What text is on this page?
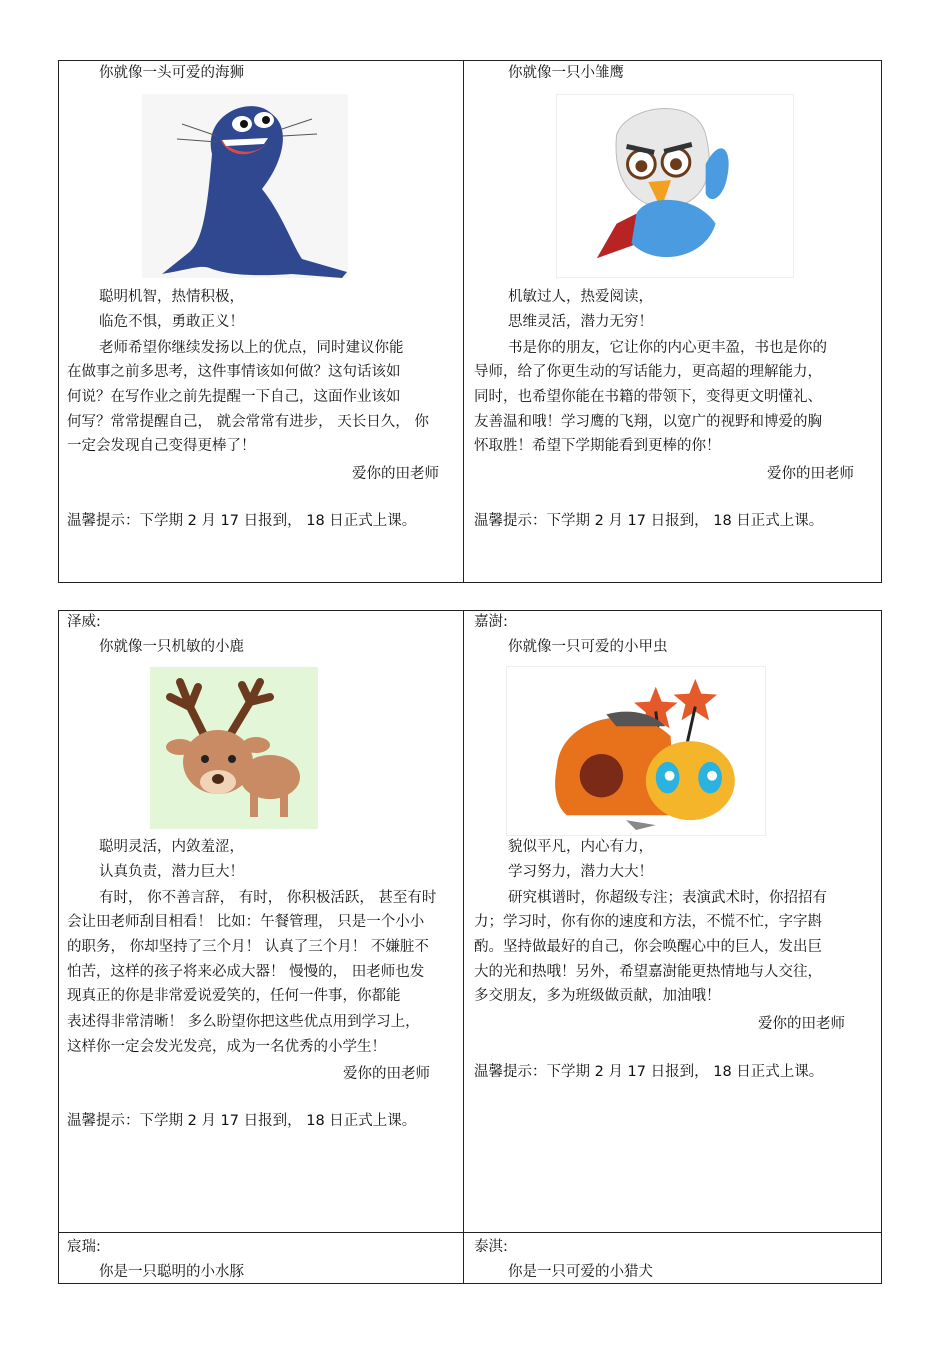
你就像一头可爱的海狮
聪明机智，热情积极，
临危不惧，勇敢正义！
老师希望你继续发扬以上的优点，同时建议你能
在做事之前多思考，这件事情该如何做？这句话该如
何说？在写作业之前先提醒一下自己，这面作业该如
何写？常常提醒自己， 就会常常有进步， 天长日久， 你
一定会发现自己变得更棒了！
爱你的田老师
温馨提示：下学期 2 月 17 日报到， 18 日正式上课。
你就像一只小雏鹰
机敏过人，热爱阅读，
思维灵活，潜力无穷！
书是你的朋友，它让你的内心更丰盈，书也是你的
导师，给了你更生动的写话能力，更高超的理解能力，
同时，也希望你能在书籍的带领下，变得更文明懂礼、
友善温和哦！学习鹰的飞翔，以宽广的视野和博爱的胸
怀取胜！希望下学期能看到更棒的你！
爱你的田老师
温馨提示：下学期 2 月 17 日报到， 18 日正式上课。
泽威:
你就像一只机敏的小鹿
聪明灵活，内敛羞涩，
认真负责，潜力巨大！
有时， 你不善言辞， 有时， 你积极活跃， 甚至有时
会让田老师刮目相看！ 比如：午餐管理， 只是一个小小
的职务， 你却坚持了三个月！ 认真了三个月！ 不嫌脏不
怕苦，这样的孩子将来必成大器！ 慢慢的， 田老师也发
现真正的你是非常爱说爱笑的，任何一件事，你都能
表述得非常清晰！ 多么盼望你把这些优点用到学习上，
这样你一定会发光发亮，成为一名优秀的小学生！
爱你的田老师
温馨提示：下学期 2 月 17 日报到， 18 日正式上课。
嘉澍:
你就像一只可爱的小甲虫
貌似平凡，内心有力，
学习努力，潜力大大！
研究棋谱时，你超级专注；表演武术时，你招招有
力；学习时，你有你的速度和方法，不慌不忙，字字斟
酌。坚持做最好的自己，你会唤醒心中的巨人，发出巨
大的光和热哦！另外，希望嘉澍能更热情地与人交往，
多交朋友，多为班级做贡献，加油哦！
爱你的田老师
温馨提示：下学期 2 月 17 日报到， 18 日正式上课。
宸瑞:
你是一只聪明的小水豚
泰淇:
你是一只可爱的小猎犬
